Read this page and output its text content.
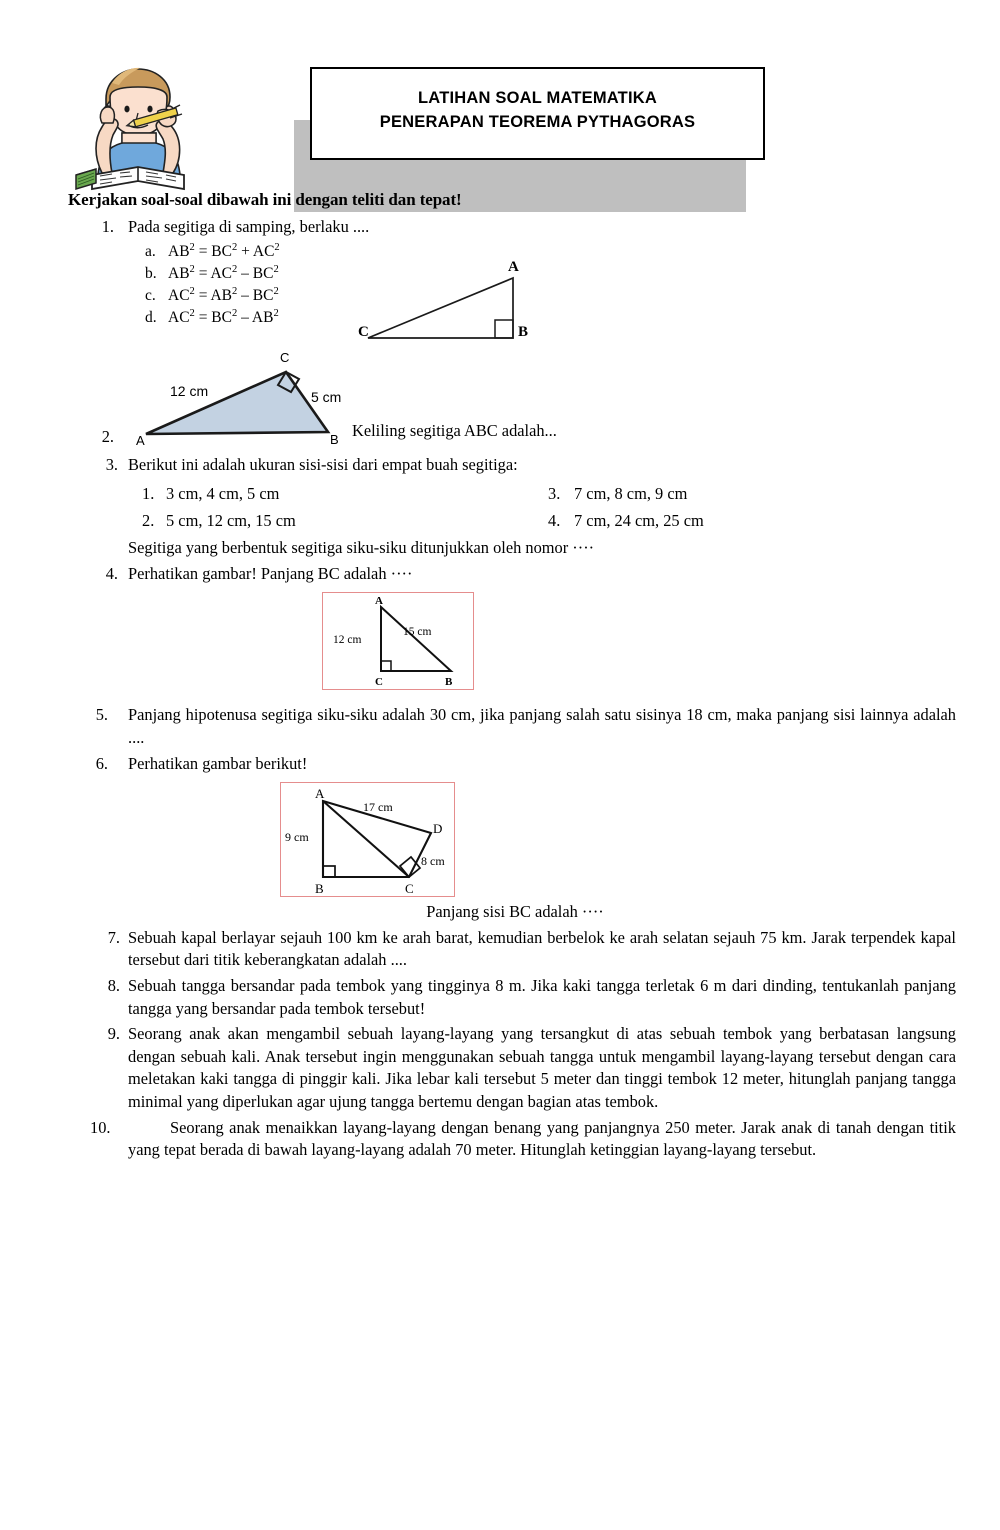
LATIHAN SOAL MATEMATIKA
PENERAPAN TEOREMA PYTHAGORAS

Kerjakan soal-soal dibawah ini dengan teliti dan tepat!

1. Pada segitiga di samping, berlaku ....
a. $AB^2 = BC^2 + AC^2$
b. $AB^2 = AC^2 - BC^2$
c. $AC^2 = AB^2 - BC^2$
d. $AC^2 = BC^2 - AB^2$
C	B
A
2. A	B
C
12 cm	5 cm
Keliling segitiga ABC adalah...
3. Berikut ini adalah ukuran sisi-sisi dari empat buah segitiga:
1. 3 cm, 4 cm, 5 cm	3. 7 cm, 8 cm, 9 cm
2. 5 cm, 12 cm, 15 cm	4. 7 cm, 24 cm, 25 cm
Segitiga yang berbentuk segitiga siku-siku ditunjukkan oleh nomor ····
4. Perhatikan gambar! Panjang BC adalah ····
A
C	B
12 cm
15 cm
5. Panjang hipotenusa segitiga siku-siku adalah 30 cm, jika panjang salah satu sisinya 18 cm, maka panjang sisi lainnya adalah ....
6. Perhatikan gambar berikut!
A
B	C
D
17 cm
9 cm
8 cm
Panjang sisi BC adalah ····
7. Sebuah kapal berlayar sejauh 100 km ke arah barat, kemudian berbelok ke arah selatan sejauh 75 km. Jarak terpendek kapal tersebut dari titik keberangkatan adalah ....
8. Sebuah tangga bersandar pada tembok yang tingginya 8 m. Jika kaki tangga terletak 6 m dari dinding, tentukanlah panjang tangga yang bersandar pada tembok tersebut!
9. Seorang anak akan mengambil sebuah layang-layang yang tersangkut di atas sebuah tembok yang berbatasan langsung dengan sebuah kali. Anak tersebut ingin menggunakan sebuah tangga untuk mengambil layang-layang tersebut dengan cara meletakan kaki tangga di pinggir kali. Jika lebar kali tersebut 5 meter dan tinggi tembok 12 meter, hitunglah panjang tangga minimal yang diperlukan agar ujung tangga bertemu dengan bagian atas tembok.
10.	Seorang anak menaikkan layang-layang dengan benang yang panjangnya 250 meter. Jarak anak di tanah dengan titik yang tepat berada di bawah layang-layang adalah 70 meter. Hitunglah ketinggian layang-layang tersebut.
